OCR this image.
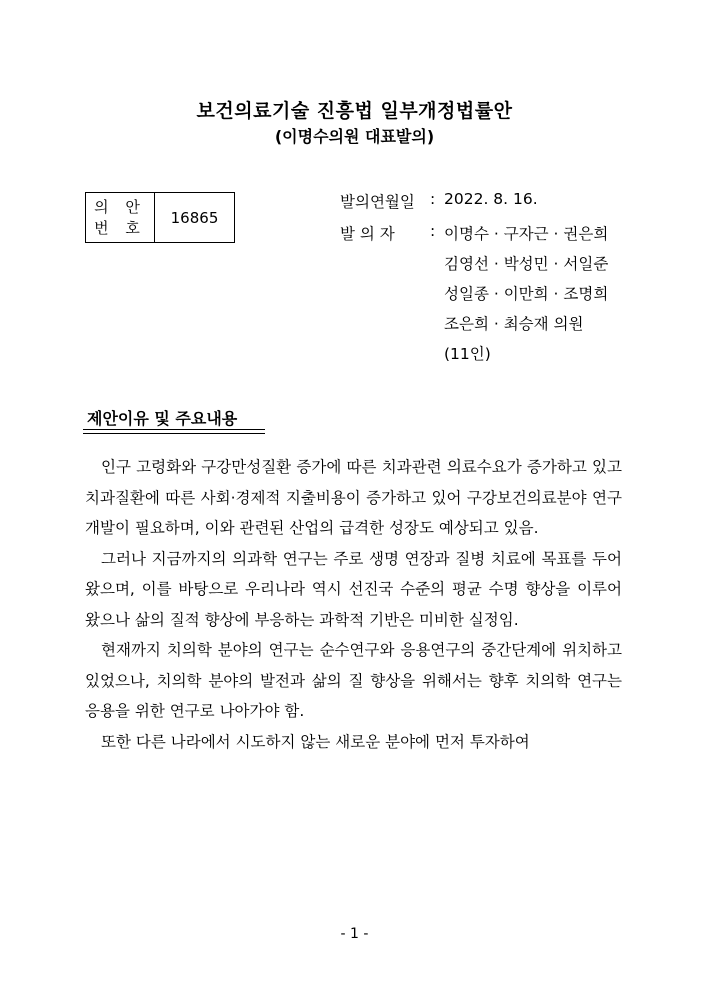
보건의료기술 진흥법 일부개정법률안
(이명수의원 대표발의)
의 안
번 호
16865
발의연월일 : 2022. 8. 16.
발 의 자	: 이명수 · 구자근 · 권은희
김영선 · 박성민 · 서일준
성일종 · 이만희 · 조명희
조은희 · 최승재 의원
(11인)
제안이유 및 주요내용

인구 고령화와 구강만성질환 증가에 따른 치과관련 의료수요가 증가하고 있고 치과질환에 따른 사회·경제적 지출비용이 증가하고 있어 구강보건의료분야 연구개발이 필요하며, 이와 관련된 산업의 급격한 성장도 예상되고 있음.

그러나 지금까지의 의과학 연구는 주로 생명 연장과 질병 치료에 목표를 두어 왔으며, 이를 바탕으로 우리나라 역시 선진국 수준의 평균 수명 향상을 이루어 왔으나 삶의 질적 향상에 부응하는 과학적 기반은 미비한 실정임.

현재까지 치의학 분야의 연구는 순수연구와 응용연구의 중간단계에 위치하고 있었으나, 치의학 분야의 발전과 삶의 질 향상을 위해서는 향후 치의학 연구는 응용을 위한 연구로 나아가야 함.

또한 다른 나라에서 시도하지 않는 새로운 분야에 먼저 투자하여

- 1 -
